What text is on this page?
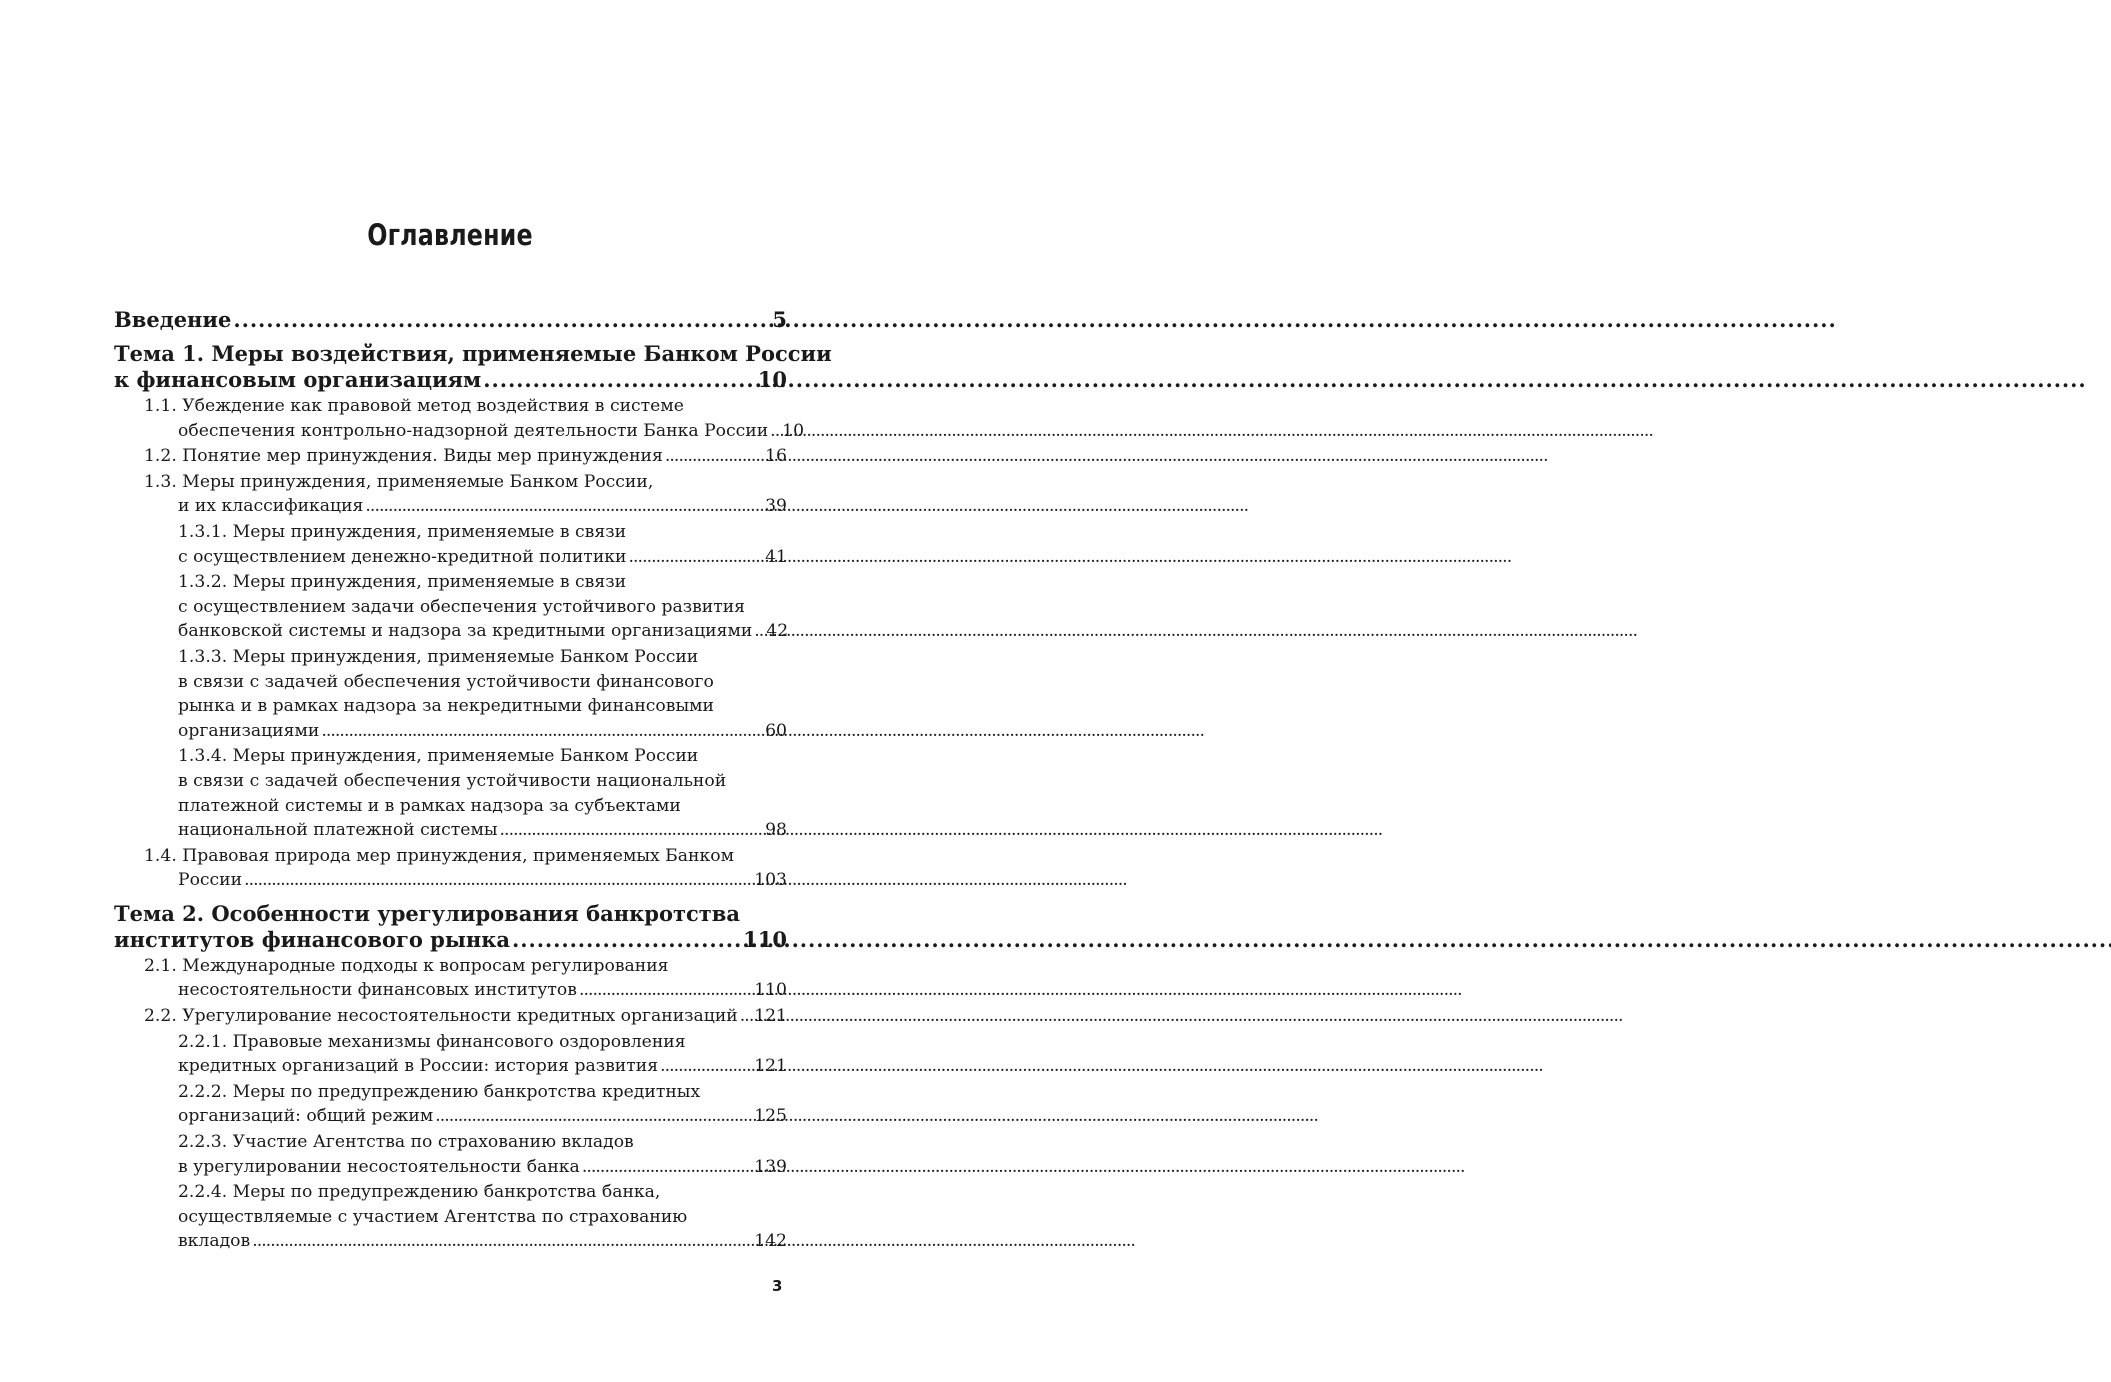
Оглавление
Введение . . .	5
Тема 1. Меры воздействия, применяемые Банком России
к финансовым организациям . . .	10
1.1. Убеждение как правовой метод воздействия в системе
обеспечения контрольно-надзорной деятельности Банка России . . . 10
1.2. Понятие мер принуждения. Виды мер принуждения . . .	16
1.3. Меры принуждения, применяемые Банком России,
и их классификация . . .	39
1.3.1. Меры принуждения, применяемые в связи
с осуществлением денежно-кредитной политики . . .	41
1.3.2. Меры принуждения, применяемые в связи
с осуществлением задачи обеспечения устойчивого развития
банковской системы и надзора за кредитными организациями . . . 42
1.3.3. Меры принуждения, применяемые Банком России
в связи с задачей обеспечения устойчивости финансового
рынка и в рамках надзора за некредитными финансовыми
организациями . . .	60
1.3.4. Меры принуждения, применяемые Банком России
в связи с задачей обеспечения устойчивости национальной
платежной системы и в рамках надзора за субъектами
национальной платежной системы . . .	98
1.4. Правовая природа мер принуждения, применяемых Банком
России . . .	103
Тема 2. Особенности урегулирования банкротства
институтов финансового рынка . . .	110
2.1. Международные подходы к вопросам регулирования
несостоятельности финансовых институтов . . .	110
2.2. Урегулирование несостоятельности кредитных организаций . . . 121
2.2.1. Правовые механизмы финансового оздоровления
кредитных организаций в России: история развития . . .	121
2.2.2. Меры по предупреждению банкротства кредитных
организаций: общий режим . . .	125
2.2.3. Участие Агентства по страхованию вкладов
в урегулировании несостоятельности банка . . .	139
2.2.4. Меры по предупреждению банкротства банка,
осуществляемые с участием Агентства по страхованию
вкладов . . .	142
3
